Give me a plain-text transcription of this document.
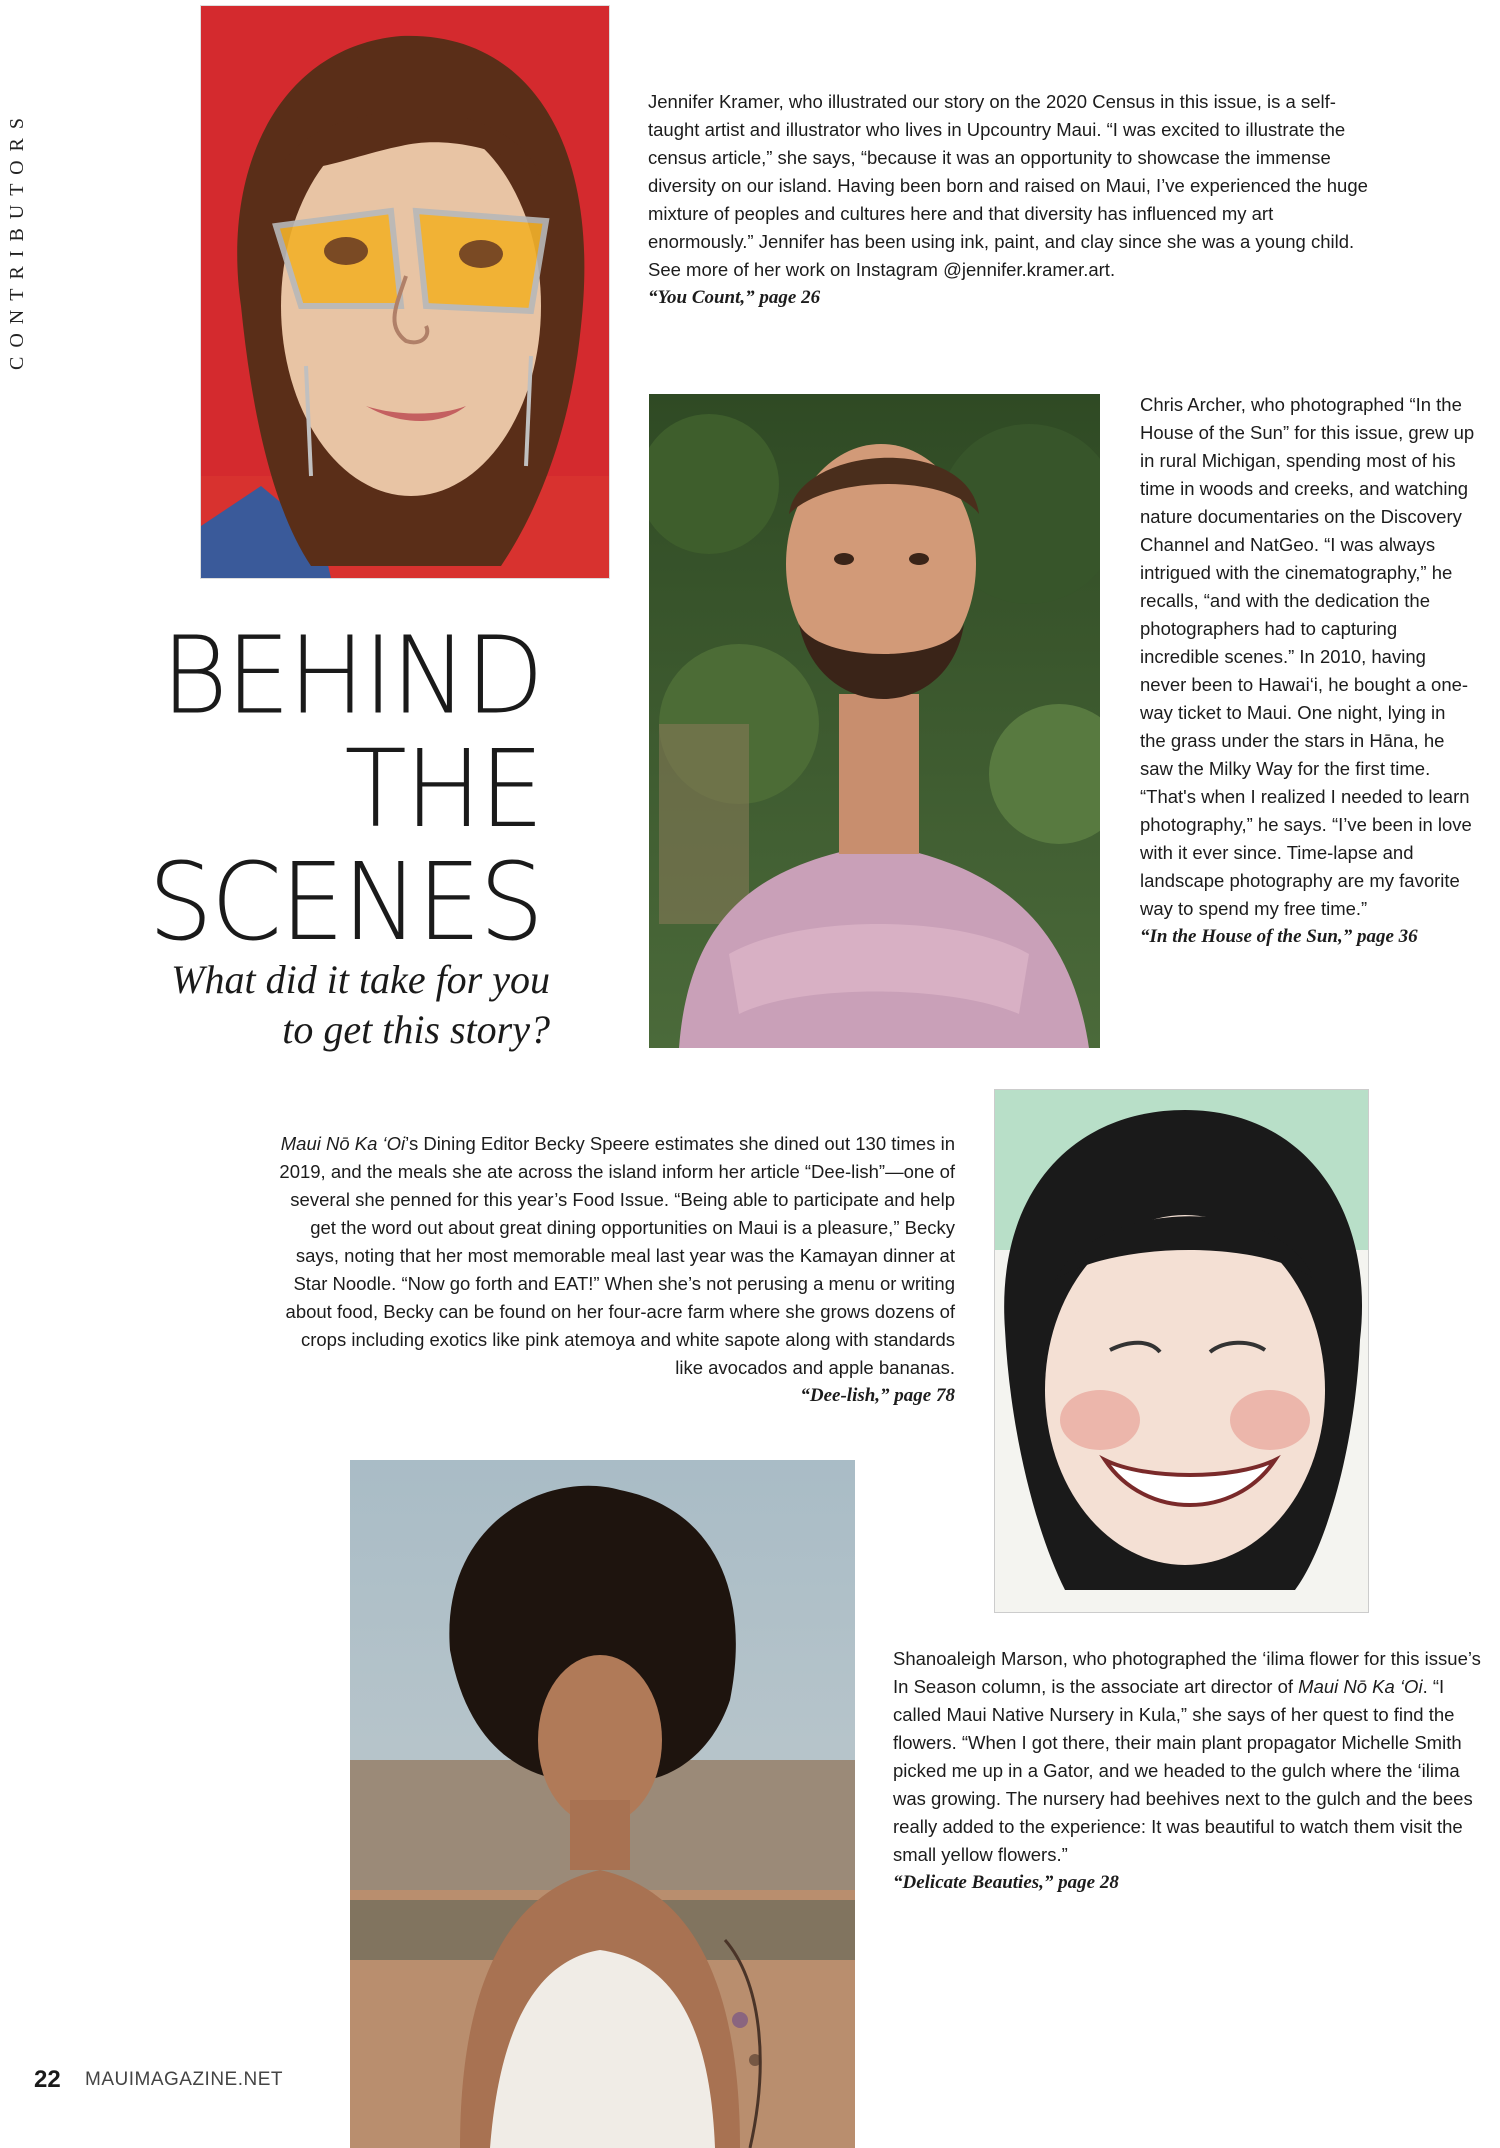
CONTRIBUTORS

Jennifer Kramer, who illustrated our story on the 2020 Census in this issue, is a self-taught artist and illustrator who lives in Upcountry Maui. “I was excited to illustrate the census article,” she says, “because it was an opportunity to showcase the immense diversity on our island. Having been born and raised on Maui, I’ve experienced the huge mixture of peoples and cultures here and that diversity has influenced my art enormously.” Jennifer has been using ink, paint, and clay since she was a young child. See more of her work on Instagram @jennifer.kramer.art.

“You Count,” page 26

Chris Archer, who photographed “In the House of the Sun” for this issue, grew up in rural Michigan, spending most of his time in woods and creeks, and watching nature documentaries on the Discovery Channel and NatGeo. “I was always intrigued with the cinematography,” he recalls, “and with the dedication the photographers had to capturing incredible scenes.” In 2010, having never been to Hawai‘i, he bought a one-way ticket to Maui. One night, lying in the grass under the stars in Hāna, he saw the Milky Way for the first time. “That's when I realized I needed to learn photography,” he says. “I’ve been in love with it ever since. Time-lapse and landscape photography are my favorite way to spend my free time.”

“In the House of the Sun,” page 36
BEHIND
THE
SCENES
What did it take for you
to get this story?

Maui Nō Ka ‘Oi’s Dining Editor Becky Speere estimates she dined out 130 times in 2019, and the meals she ate across the island inform her article “Dee-lish”—one of several she penned for this year’s Food Issue. “Being able to participate and help get the word out about great dining opportunities on Maui is a pleasure,” Becky says, noting that her most memorable meal last year was the Kamayan dinner at Star Noodle. “Now go forth and EAT!” When she’s not perusing a menu or writing about food, Becky can be found on her four-acre farm where she grows dozens of crops including exotics like pink atemoya and white sapote along with standards like avocados and apple bananas.

“Dee-lish,” page 78

Shanoaleigh Marson, who photographed the ‘ilima flower for this issue’s In Season column, is the associate art director of Maui Nō Ka ‘Oi. “I called Maui Native Nursery in Kula,” she says of her quest to find the flowers. “When I got there, their main plant propagator Michelle Smith picked me up in a Gator, and we headed to the gulch where the ‘ilima was growing. The nursery had beehives next to the gulch and the bees really added to the experience: It was beautiful to watch them visit the small yellow flowers.”

“Delicate Beauties,” page 28
22 MAUIMAGAZINE.NET
